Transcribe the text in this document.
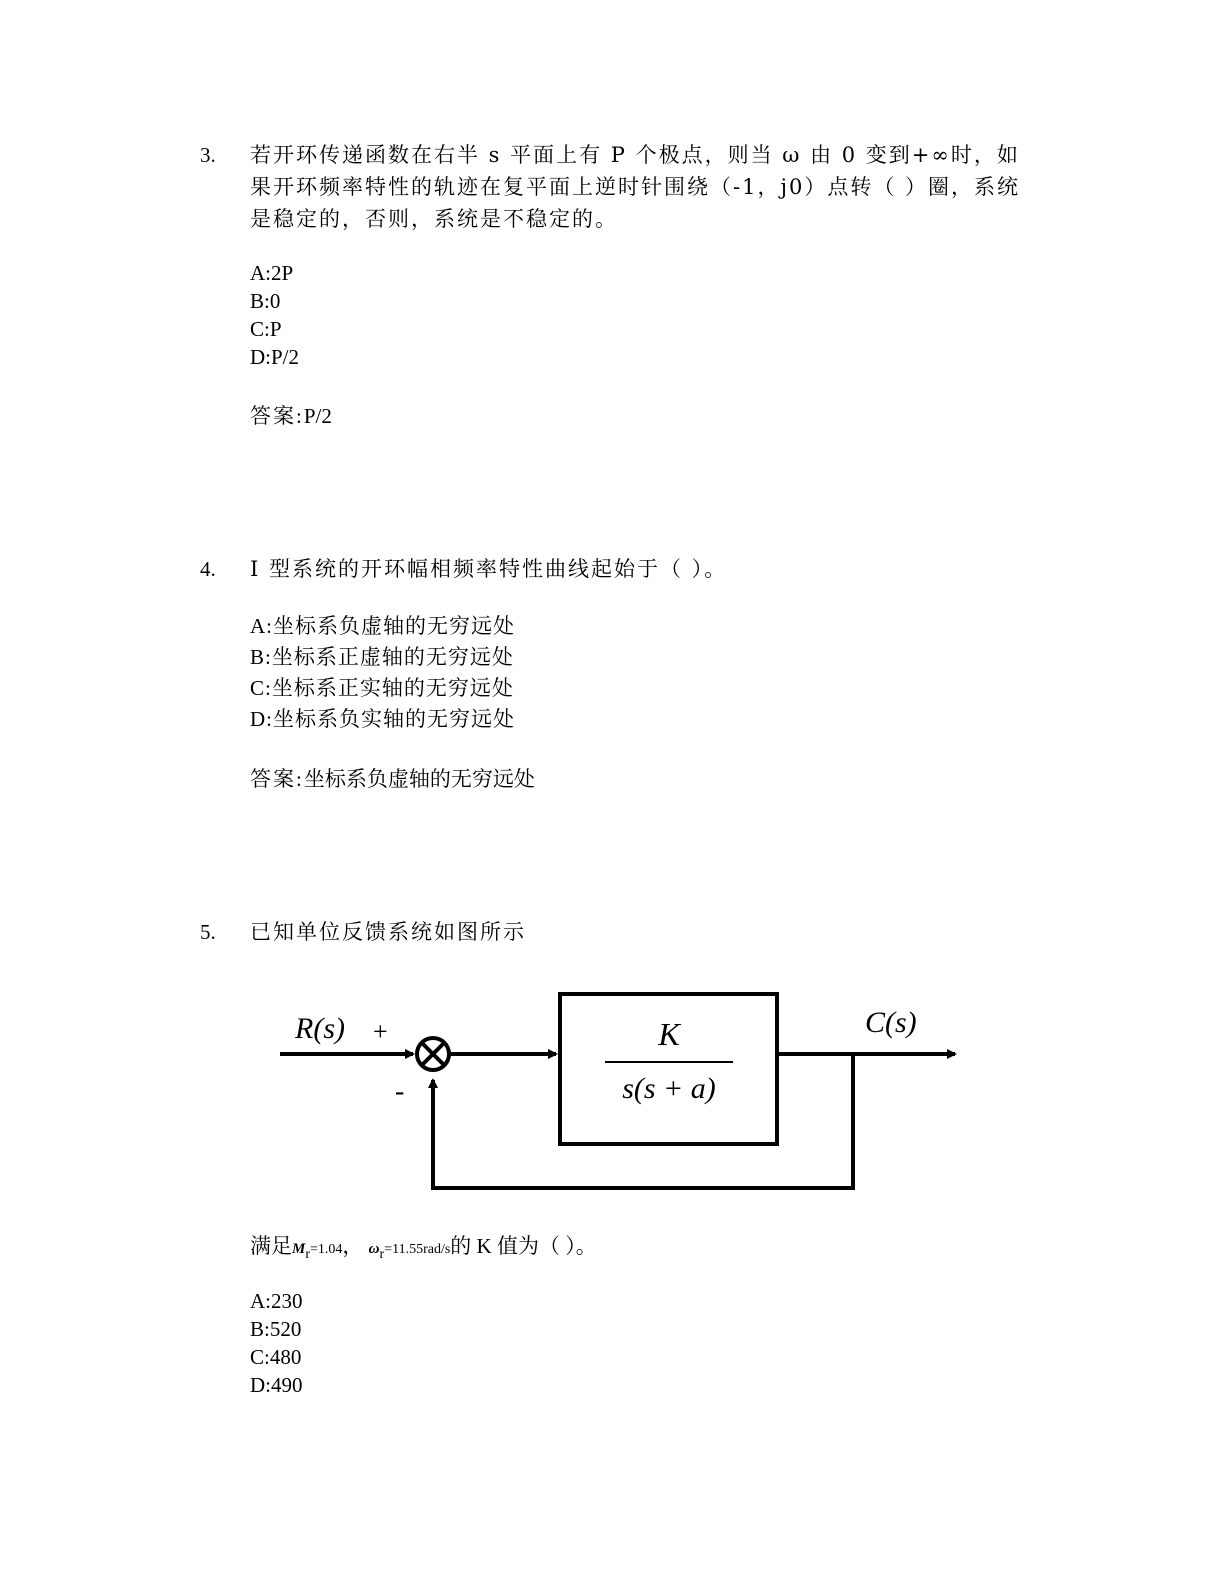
3. 若开环传递函数在右半 s 平面上有 P 个极点，则当 ω 由 0 变到+∞时，如果开环频率特性的轨迹在复平面上逆时针围绕（-1，j0）点转（ ）圈，系统是稳定的，否则，系统是不稳定的。
A:2P
B:0
C:P
D:P/2
答案:P/2
4. I 型系统的开环幅相频率特性曲线起始于（ ）。
A:坐标系负虚轴的无穷远处
B:坐标系正虚轴的无穷远处
C:坐标系正实轴的无穷远处
D:坐标系负实轴的无穷远处
答案:坐标系负虚轴的无穷远处
5. 已知单位反馈系统如图所示
K
s(s + a)
R(s) +
-
C(s)
满足$M_r=1.04$， $\omega_r=11.55rad/s$的 K 值为（ ）。
A:230
B:520
C:480
D:490
